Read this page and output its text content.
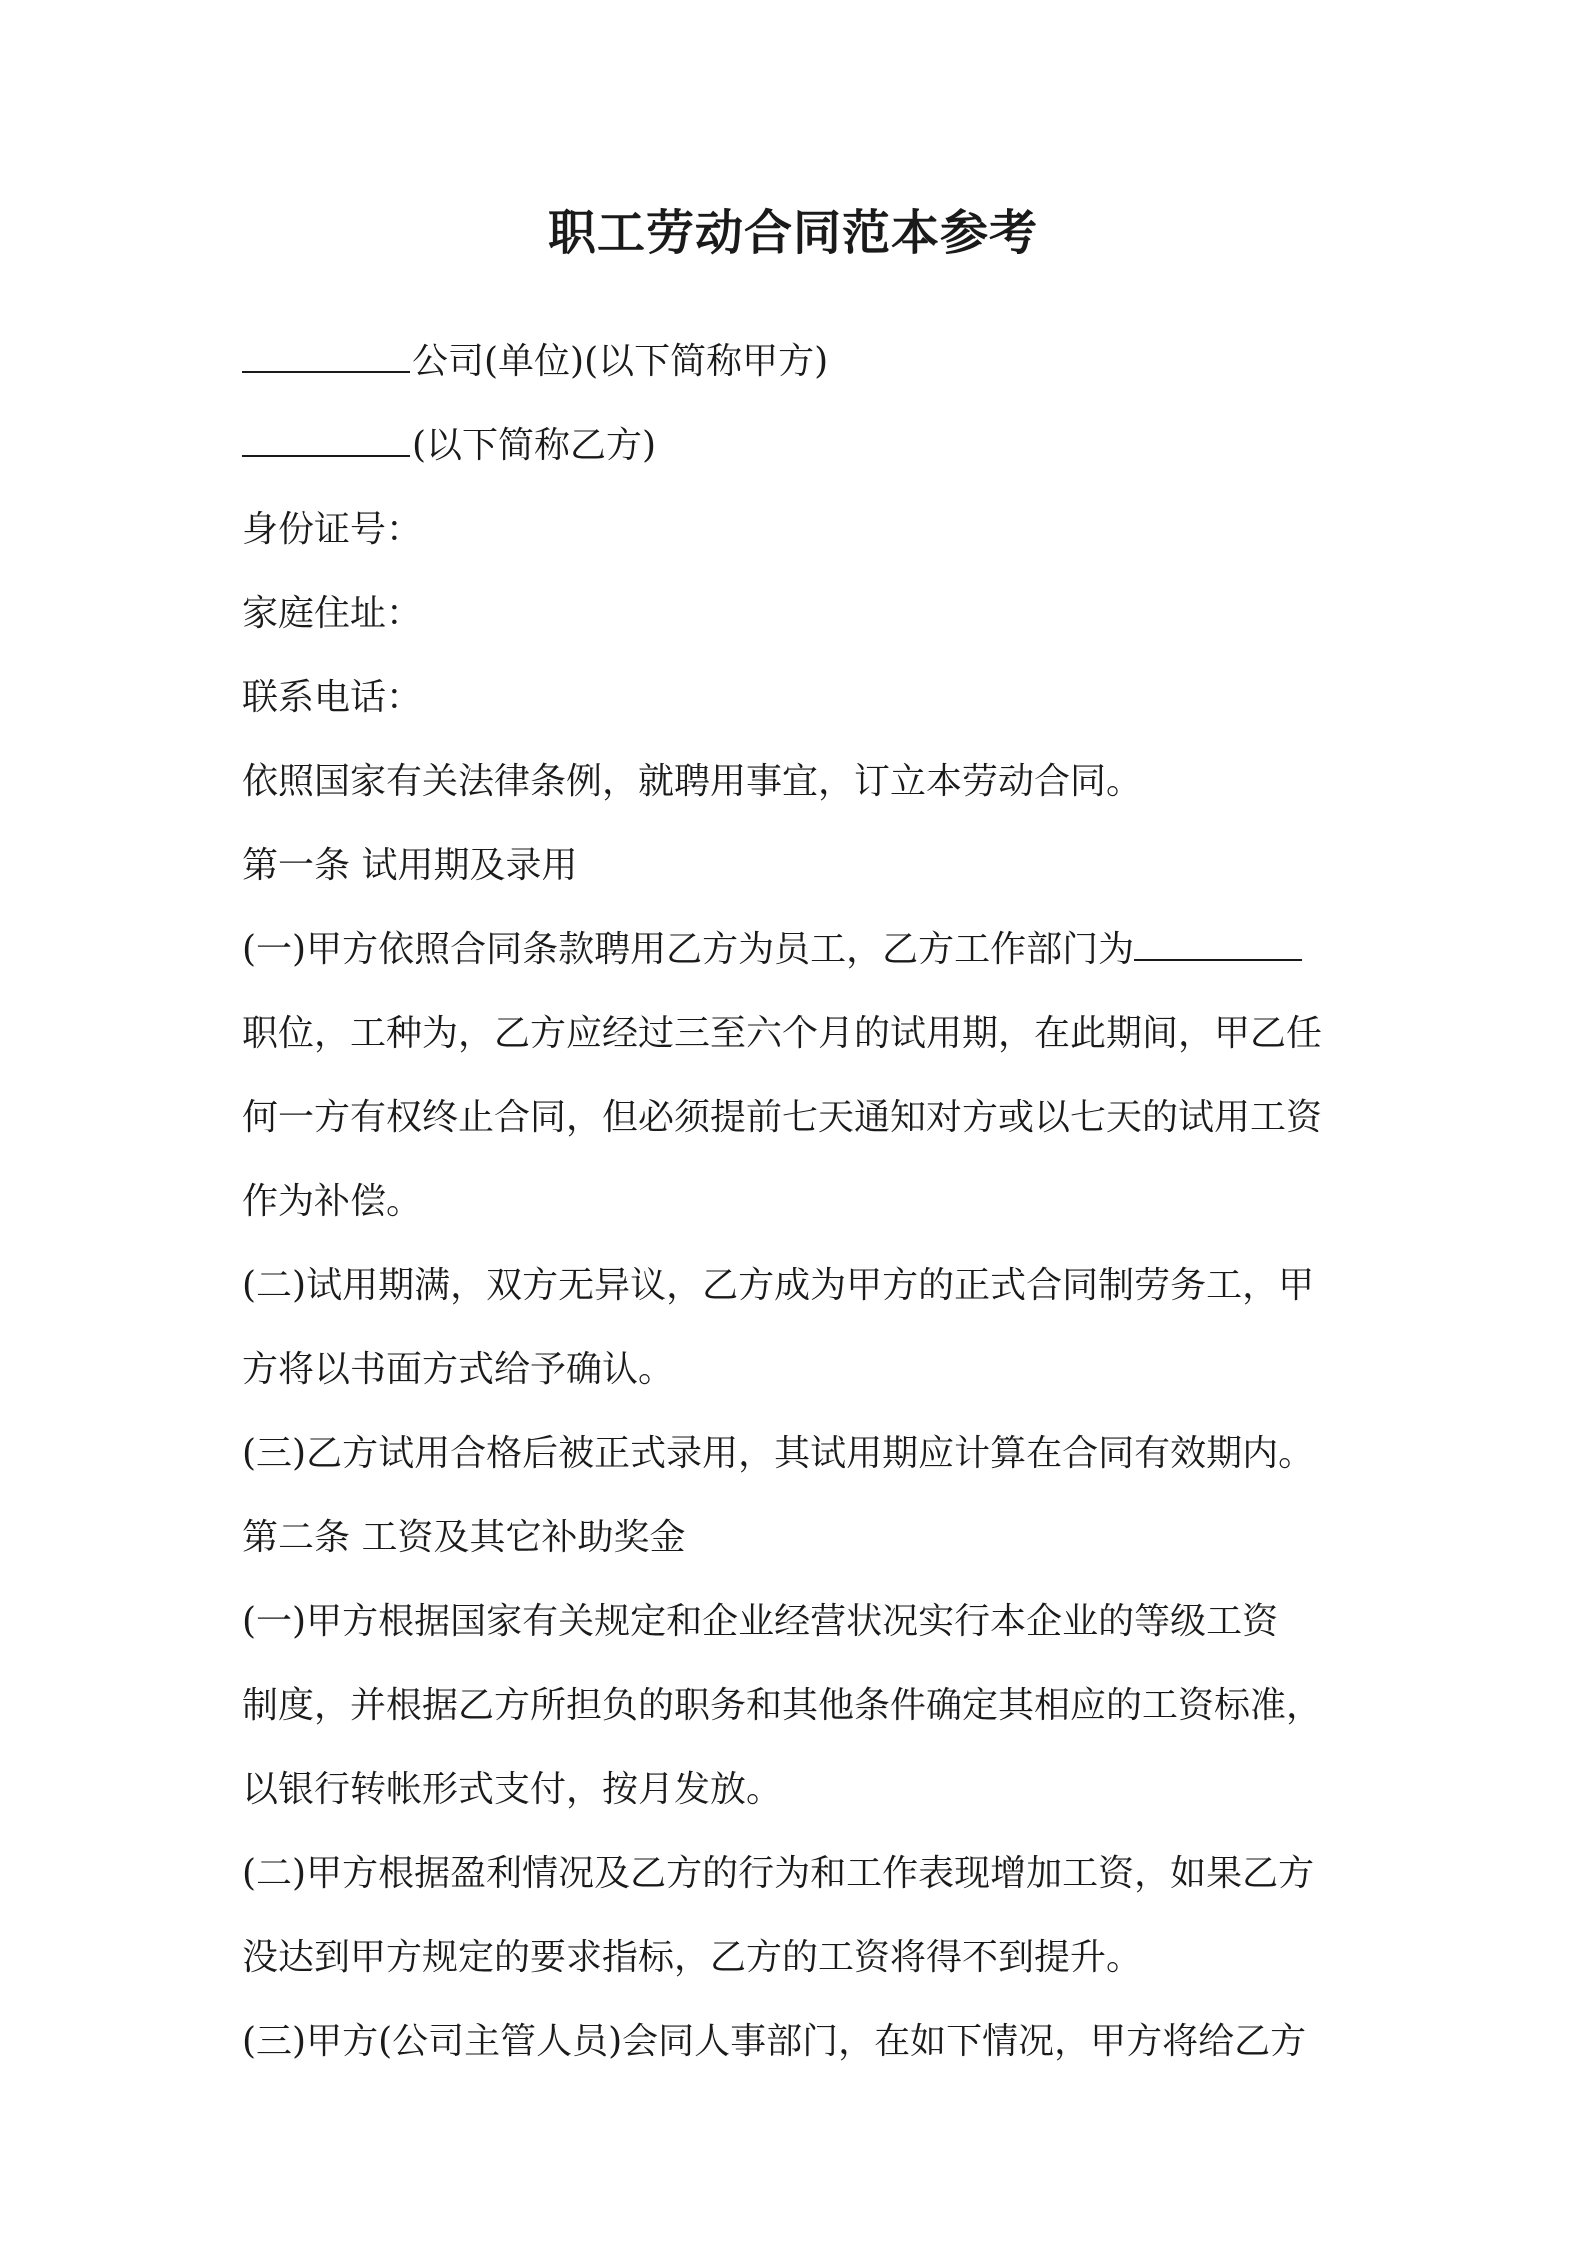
职工劳动合同范本参考
公司(单位)(以下简称甲方)
(以下简称乙方)
身份证号：
家庭住址：
联系电话：
依照国家有关法律条例，就聘用事宜，订立本劳动合同。
第一条 试用期及录用
(一)甲方依照合同条款聘用乙方为员工，乙方工作部门为
职位，工种为，乙方应经过三至六个月的试用期，在此期间，甲乙任
何一方有权终止合同，但必须提前七天通知对方或以七天的试用工资
作为补偿。
(二)试用期满，双方无异议，乙方成为甲方的正式合同制劳务工，甲
方将以书面方式给予确认。
(三)乙方试用合格后被正式录用，其试用期应计算在合同有效期内。
第二条 工资及其它补助奖金
(一)甲方根据国家有关规定和企业经营状况实行本企业的等级工资
制度，并根据乙方所担负的职务和其他条件确定其相应的工资标准，
以银行转帐形式支付，按月发放。
(二)甲方根据盈利情况及乙方的行为和工作表现增加工资，如果乙方
没达到甲方规定的要求指标，乙方的工资将得不到提升。
(三)甲方(公司主管人员)会同人事部门，在如下情况，甲方将给乙方
